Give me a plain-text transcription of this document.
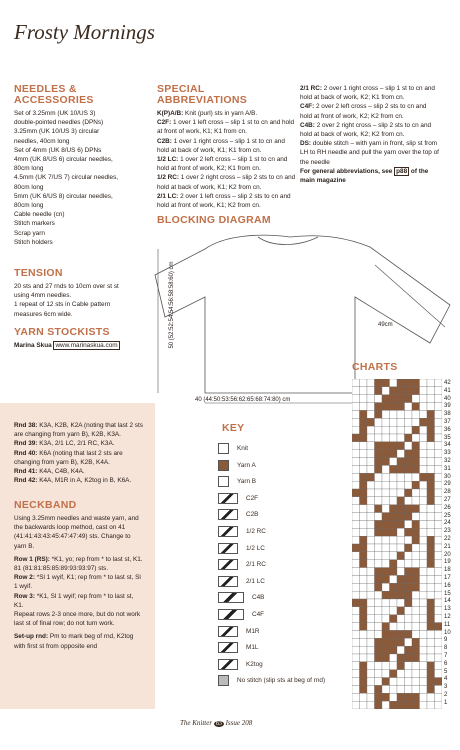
Frosty Mornings
NEEDLES & ACCESSORIES
Set of 3.25mm (UK 10/US 3)
double-pointed needles (DPNs)
3.25mm (UK 10/US 3) circular
needles, 40cm long
Set of 4mm (UK 8/US 6) DPNs
4mm (UK 8/US 6) circular needles,
80cm long
4.5mm (UK 7/US 7) circular needles,
80cm long
5mm (UK 6/US 8) circular needles,
80cm long
Cable needle (cn)
Stitch markers
Scrap yarn
Stitch holders
TENSION
20 sts and 27 rnds to 10cm over st st
using 4mm needles.
1 repeat of 12 sts in Cable pattern
measures 6cm wide.
YARN STOCKISTS
Marina Skua www.marinaskua.com
SPECIAL ABBREVIATIONS
K(P)A/B: Knit (purl) sts in yarn A/B.
C2F: 1 over 1 left cross – slip 1 st to cn and hold at front of work, K1; K1 from cn.
C2B: 1 over 1 right cross – slip 1 st to cn and hold at back of work, K1; K1 from cn.
1/2 LC: 1 over 2 left cross – slip 1 st to cn and hold at front of work, K2; K1 from cn.
1/2 RC: 1 over 2 right cross – slip 2 sts to cn and hold at back of work, K1; K2 from cn.
2/1 LC: 2 over 1 left cross – slip 2 sts to cn and hold at front of work, K1; K2 from cn.
2/1 RC: 2 over 1 right cross – slip 1 st to cn and hold at back of work, K2; K1 from cn.
C4F: 2 over 2 left cross – slip 2 sts to cn and hold at front of work, K2; K2 from cn.
C4B: 2 over 2 right cross – slip 2 sts to cn and hold at back of work, K2; K2 from cn.
DS: double stitch – with yarn in front, slip st from LH to RH needle and pull the yarn over the top of the needle
For general abbreviations, see p88 of the main magazine
BLOCKING DIAGRAM
49cm
40 (44:50:53:56:62:65:68:74:80) cm
50 (52:52:54:54:56:58:58:60) cm
CHARTS
42
41
40
39
38
37
36
35
34
33
32
31
30
29
28
27
26
25
24
23
22
21
20
19
18
17
16
15
14
13
12
11
10
9
8
7
6
5
4
3
2
1
KEY
Knit
Yarn A
Yarn B
C2F
C2B
1/2 RC
1/2 LC
2/1 RC
2/1 LC
C4B
C4F
M1R
M1L
K2tog
No stitch (slip sts at beg of rnd)
Rnd 38: K3A, K2B, K2A (noting that last 2 sts are changing from yarn B), K2B, K3A.
Rnd 39: K3A, 2/1 LC, 2/1 RC, K3A.
Rnd 40: K6A (noting that last 2 sts are changing from yarn B), K2B, K4A.
Rnd 41: K4A, C4B, K4A.
Rnd 42: K4A, M1R in A, K2tog in B, K6A.
NECKBAND
Using 3.25mm needles and waste yarn, and the backwards loop method, cast on 41 (41:41:43:43:45:47:47:49) sts. Change to yarn B.
Row 1 (RS): *K1, yo; rep from * to last st, K1. 81 (81:81:85:85:89:93:93:97) sts.
Row 2: *Sl 1 wyif, K1; rep from * to last st, Sl 1 wyif.
Row 3: *K1, Sl 1 wyif; rep from * to last st, K1.
Repeat rows 2-3 once more, but do not work last st of final row; do not turn work.
Set-up rnd: Pm to mark beg of rnd, K2tog with first st from opposite end
The Knitter 83 Issue 208
